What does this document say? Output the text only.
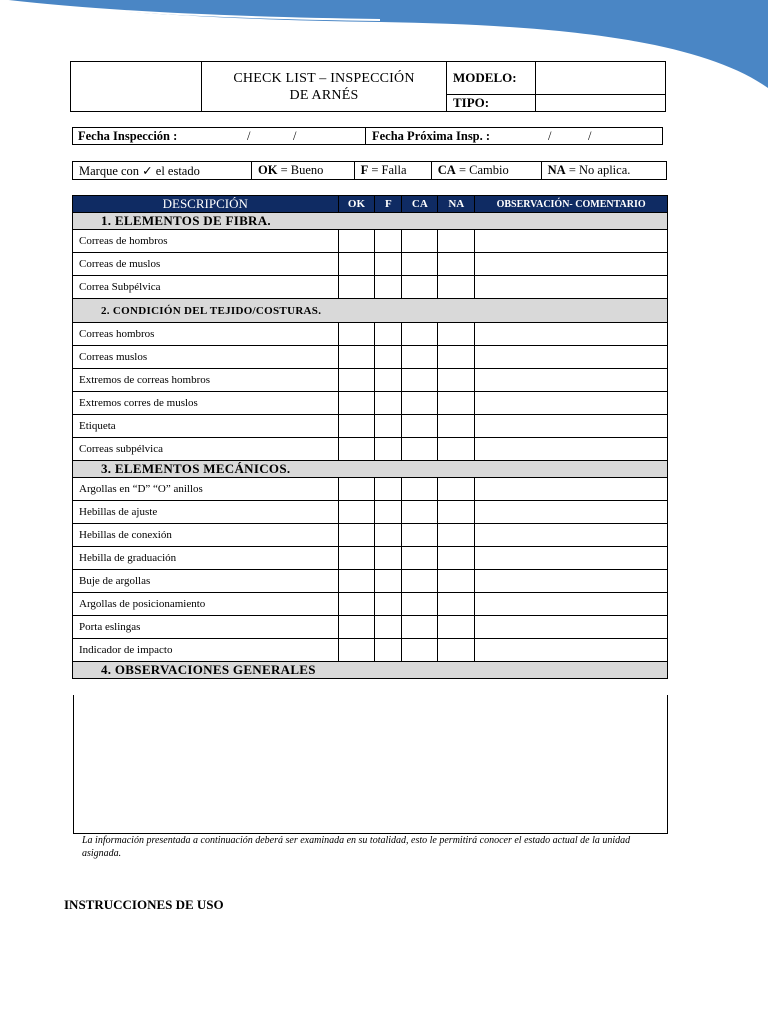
	CHECK LIST – INSPECCIÓN
DE ARNÉS	MODELO:	
		TIPO:	
Fecha Inspección :	/	/	Fecha Próxima Insp. :	/	/
Marque con ✓ el estado	OK = Bueno	F = Falla	CA = Cambio	NA = No aplica.
DESCRIPCIÓN	OK	F	CA	NA	OBSERVACIÓN- COMENTARIO
1. ELEMENTOS DE FIBRA.					
Correas de hombros					
Correas de muslos					
Correa Subpélvica					
2. CONDICIÓN DEL TEJIDO/COSTURAS.					
Correas hombros					
Correas muslos					
Extremos de correas hombros					
Extremos corres de muslos					
Etiqueta					
Correas subpélvica					
3. ELEMENTOS MECÁNICOS.					
Argollas en “D” “O” anillos					
Hebillas de ajuste					
Hebillas de conexión					
Hebilla de graduación					
Buje de argollas					
Argollas de posicionamiento					
Porta eslingas					
Indicador de impacto					
4. OBSERVACIONES GENERALES					
La información presentada a continuación deberá ser examinada en su totalidad, esto le permitirá conocer el estado actual de la unidad asignada.
INSTRUCCIONES DE USO
